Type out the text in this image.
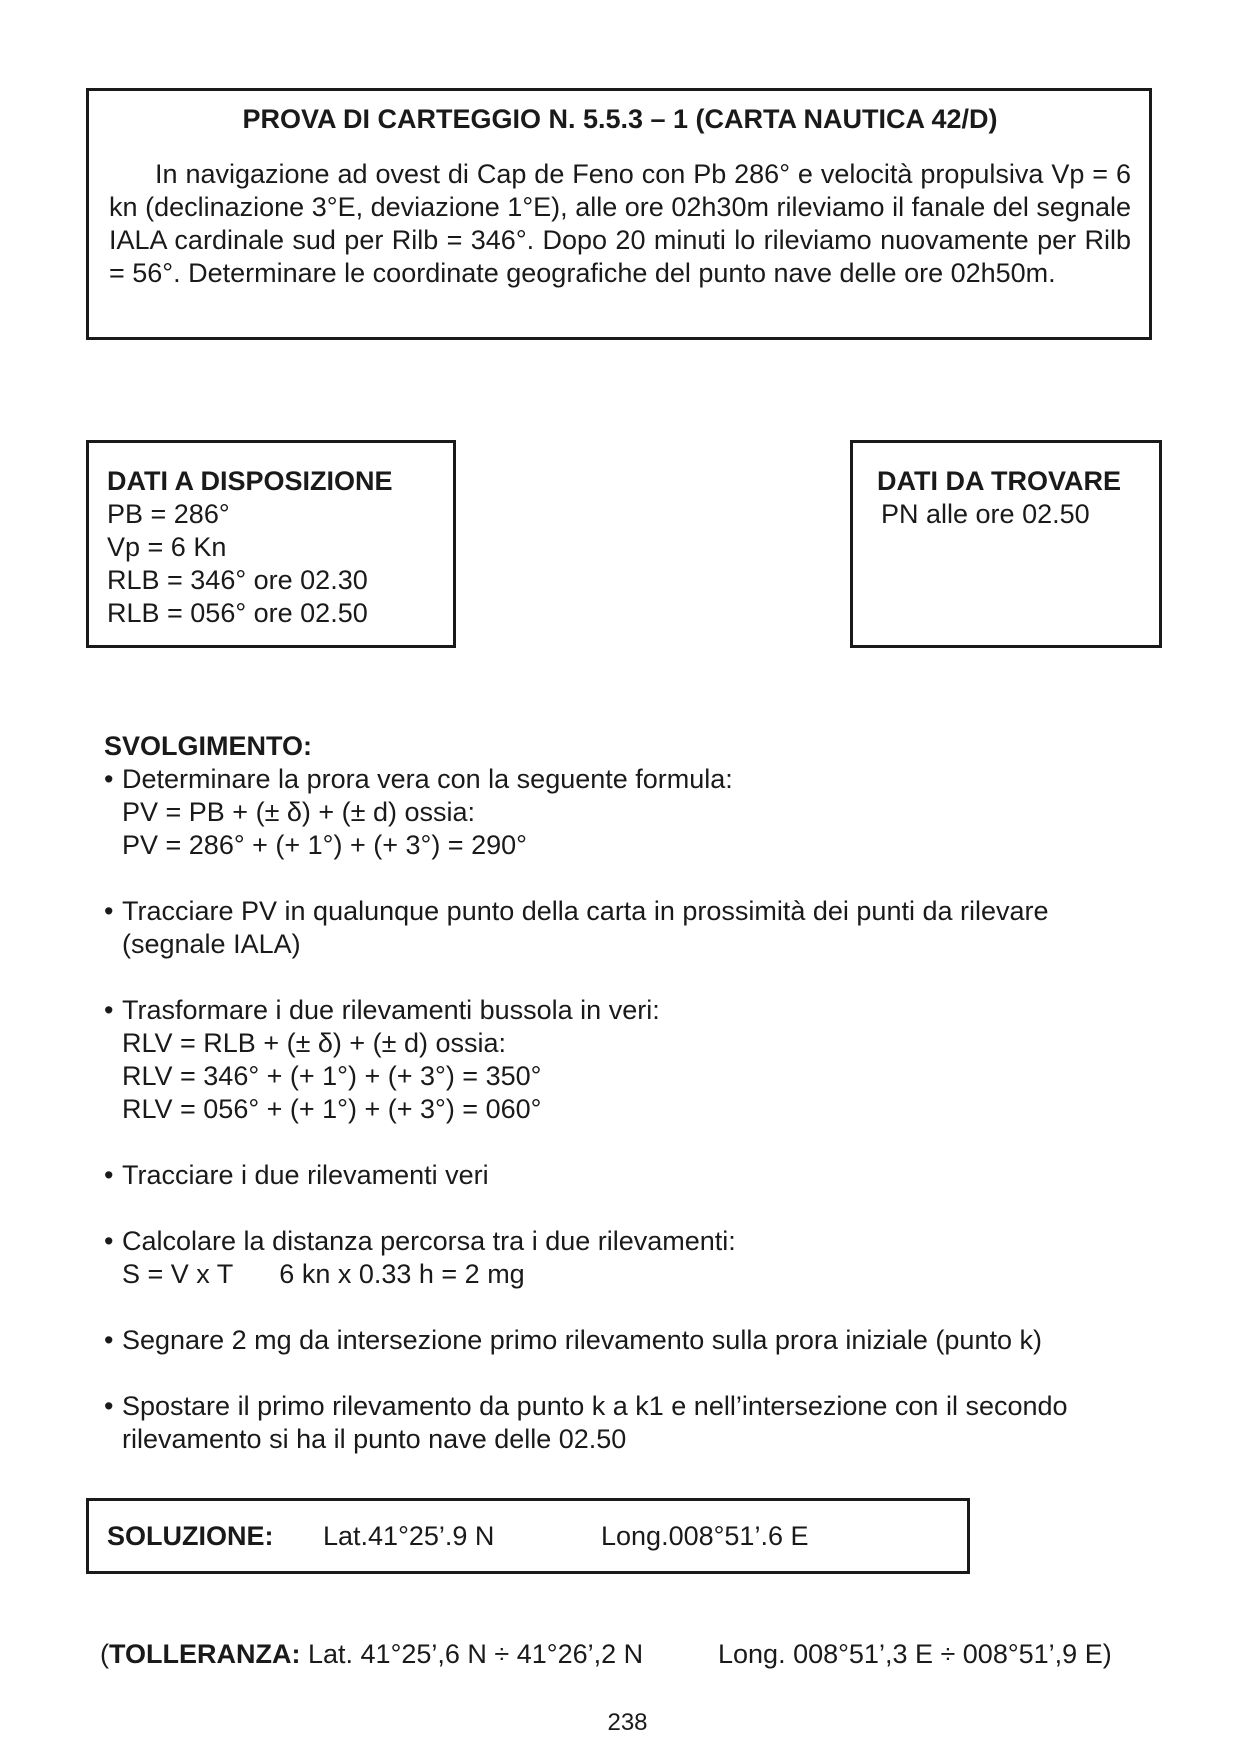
PROVA DI CARTEGGIO N. 5.5.3 – 1 (CARTA NAUTICA 42/D)
In navigazione ad ovest di Cap de Feno con Pb 286° e velocità propulsiva Vp = 6 kn (declinazione 3°E, deviazione 1°E), alle ore 02h30m rileviamo il fanale del segnale IALA cardinale sud per Rilb = 346°. Dopo 20 minuti lo rileviamo nuovamente per Rilb = 56°. Determinare le coordinate geografiche del punto nave delle ore 02h50m.
DATI A DISPOSIZIONE
PB = 286°
Vp = 6 Kn
RLB = 346° ore 02.30
RLB = 056° ore 02.50
DATI DA TROVARE
PN alle ore 02.50
SVOLGIMENTO:
• Determinare la prora vera con la seguente formula:
PV = PB + (± δ) + (± d) ossia:
PV = 286° + (+ 1°) + (+ 3°) = 290°
• Tracciare PV in qualunque punto della carta in prossimità dei punti da rilevare
(segnale IALA)
• Trasformare i due rilevamenti bussola in veri:
RLV = RLB + (± δ) + (± d) ossia:
RLV = 346° + (+ 1°) + (+ 3°) = 350°
RLV = 056° + (+ 1°) + (+ 3°) = 060°
• Tracciare i due rilevamenti veri
• Calcolare la distanza percorsa tra i due rilevamenti:
S = V x T 6 kn x 0.33 h = 2 mg
• Segnare 2 mg da intersezione primo rilevamento sulla prora iniziale (punto k)
• Spostare il primo rilevamento da punto k a k1 e nell’intersezione con il secondo
rilevamento si ha il punto nave delle 02.50
SOLUZIONE: Lat.41°25’.9 N	Long.008°51’.6 E
(TOLLERANZA: Lat. 41°25’,6 N ÷ 41°26’,2 N	Long. 008°51’,3 E ÷ 008°51’,9 E)
238
